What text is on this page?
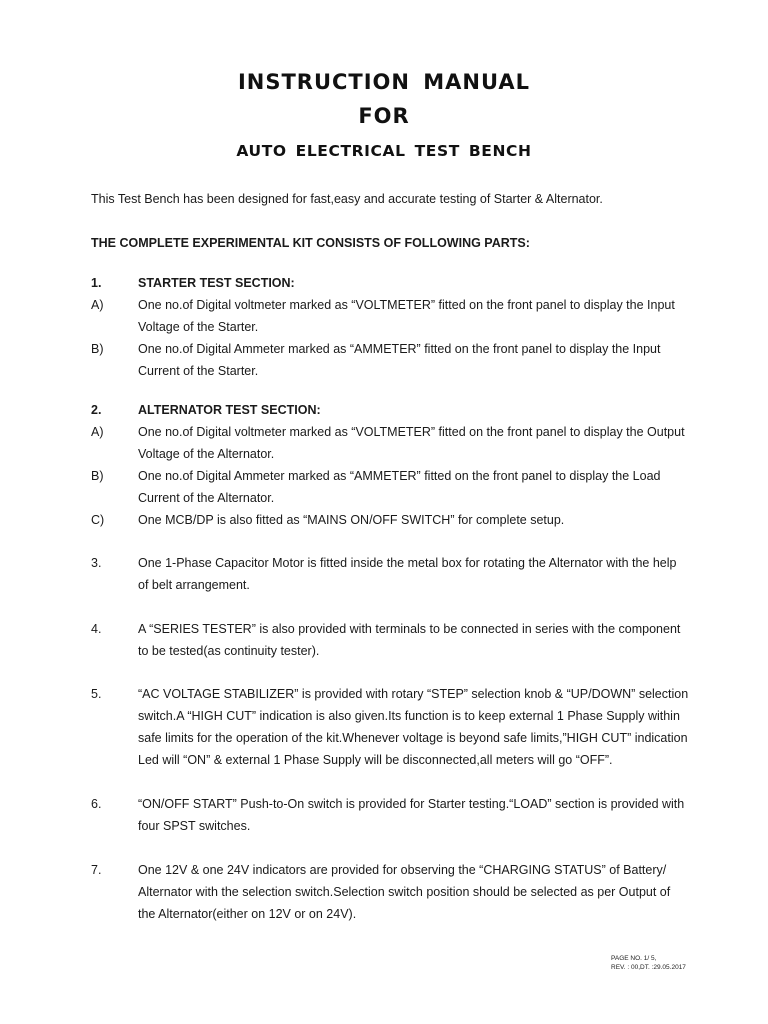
INSTRUCTION MANUAL
FOR
AUTO ELECTRICAL TEST BENCH
This Test Bench has been designed for fast,easy and accurate testing of Starter & Alternator.
THE COMPLETE EXPERIMENTAL KIT CONSISTS OF FOLLOWING PARTS:
1.	STARTER TEST SECTION:
A)	One no.of Digital voltmeter marked as “VOLTMETER” fitted on the front panel to display the Input
Voltage of the Starter.
B)	One no.of Digital Ammeter marked as “AMMETER” fitted on the front panel to display the Input
Current of the Starter.
2.	ALTERNATOR TEST SECTION:
A)	One no.of Digital voltmeter marked as “VOLTMETER” fitted on the front panel to display the Output
Voltage of the Alternator.
B)	One no.of Digital Ammeter marked as “AMMETER” fitted on the front panel to display the Load
Current of the Alternator.
C)	One MCB/DP is also fitted as “MAINS ON/OFF SWITCH” for complete setup.
3.	One 1-Phase Capacitor Motor is fitted inside the metal box for rotating the Alternator with the help
of belt arrangement.
4.	A “SERIES TESTER” is also provided with terminals to be connected in series with the component
to be tested(as continuity tester).
5.	“AC VOLTAGE STABILIZER” is provided with rotary “STEP” selection knob & “UP/DOWN” selection
switch.A “HIGH CUT” indication is also given.Its function is to keep external 1 Phase Supply within
safe limits for the operation of the kit.Whenever voltage is beyond safe limits,”HIGH CUT” indication
Led will “ON” & external 1 Phase Supply will be disconnected,all meters will go “OFF”.
6.	“ON/OFF START” Push-to-On switch is provided for Starter testing.“LOAD” section is provided with
four SPST switches.
7.	One 12V & one 24V indicators are provided for observing the “CHARGING STATUS” of Battery/
Alternator with the selection switch.Selection switch position should be selected as per Output of
the Alternator(either on 12V or on 24V).
PAGE NO. 1/ 5,
REV. : 00,DT. :29.05.2017
